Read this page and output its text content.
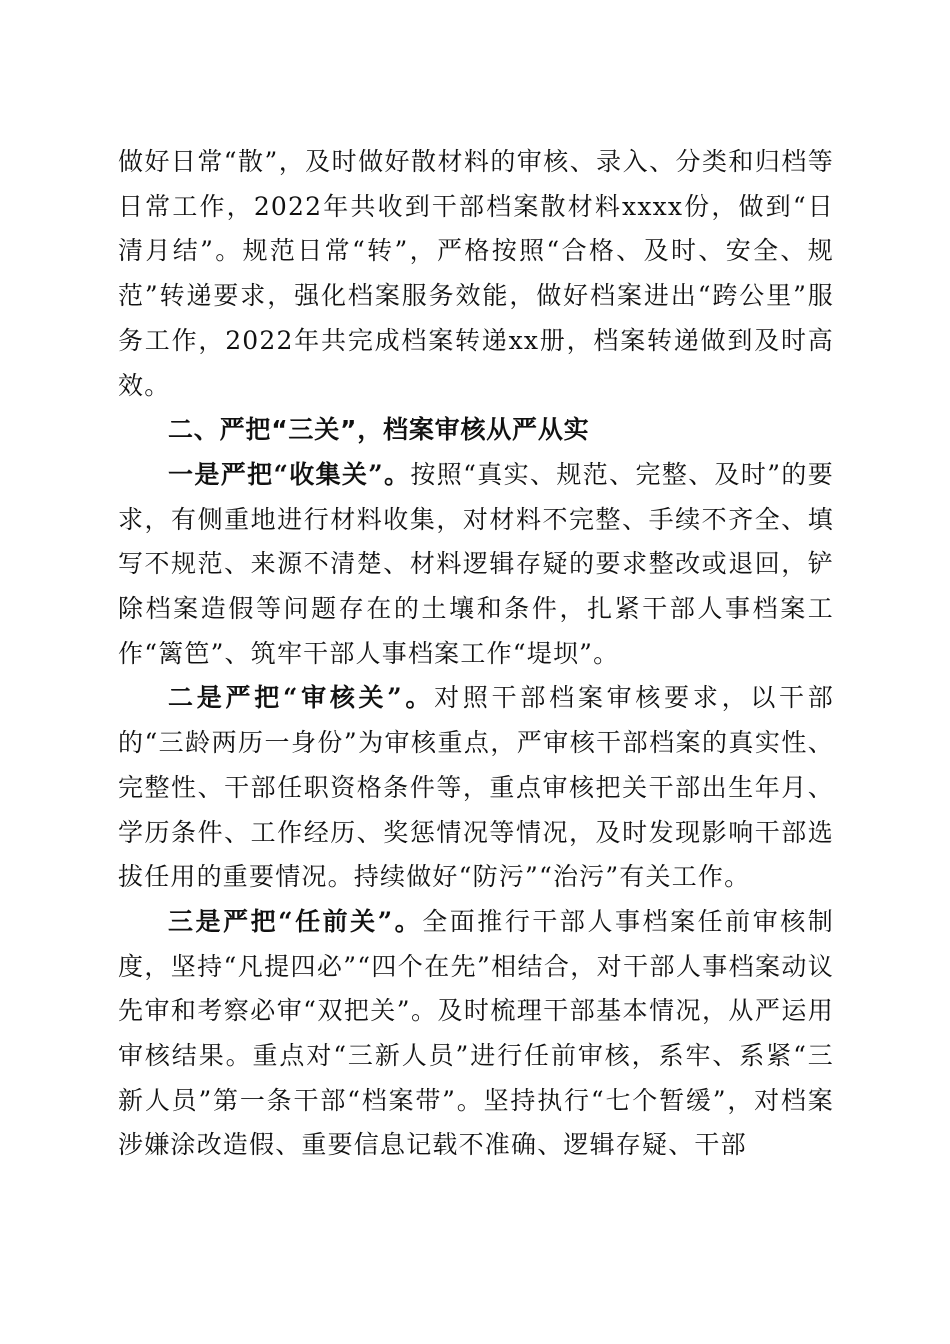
做好日常“散”，及时做好散材料的审核、录入、分类和归档等日常工作，2022年共收到干部档案散材料xxxx份，做到“日清月结”。规范日常“转”，严格按照“合格、及时、安全、规范”转递要求，强化档案服务效能，做好档案进出“跨公里”服务工作，2022年共完成档案转递xx册，档案转递做到及时高效。

二、严把“三关”，档案审核从严从实

一是严把“收集关”。按照“真实、规范、完整、及时”的要求，有侧重地进行材料收集，对材料不完整、手续不齐全、填写不规范、来源不清楚、材料逻辑存疑的要求整改或退回，铲除档案造假等问题存在的土壤和条件，扎紧干部人事档案工作“篱笆”、筑牢干部人事档案工作“堤坝”。

二是严把“审核关”。对照干部档案审核要求，以干部的“三龄两历一身份”为审核重点，严审核干部档案的真实性、完整性、干部任职资格条件等，重点审核把关干部出生年月、学历条件、工作经历、奖惩情况等情况，及时发现影响干部选拔任用的重要情况。持续做好“防污”“治污”有关工作。

三是严把“任前关”。全面推行干部人事档案任前审核制度，坚持“凡提四必”“四个在先”相结合，对干部人事档案动议先审和考察必审“双把关”。及时梳理干部基本情况，从严运用审核结果。重点对“三新人员”进行任前审核，系牢、系紧“三新人员”第一条干部“档案带”。坚持执行“七个暂缓”，对档案涉嫌涂改造假、重要信息记载不准确、逻辑存疑、干部
